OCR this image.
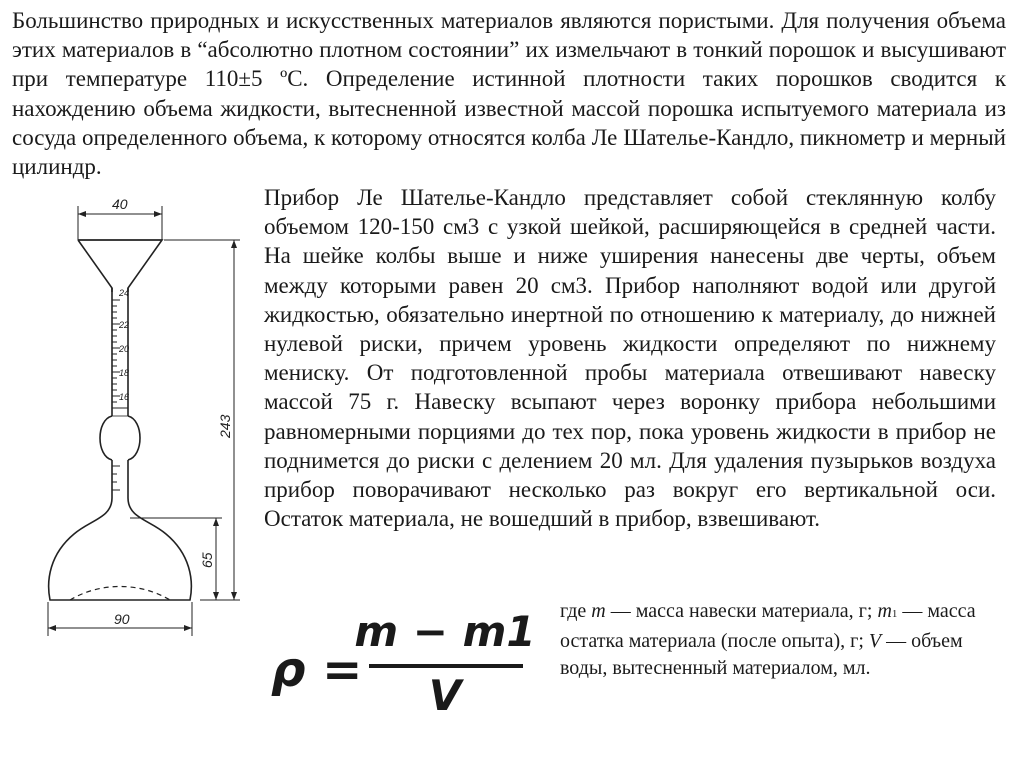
Большинство природных и искусственных материалов являются пористыми. Для получения объема этих материалов в “абсолютно плотном состоянии” их измельчают в тонкий порошок и высушивают при температуре 110±5 ºС. Определение истинной плотности таких порошков сводится к нахождению объема жидкости, вытесненной известной массой порошка испытуемого материала из сосуда определенного объема, к которому относятся колба Ле Шателье-Кандло, пикнометр и мерный цилиндр.

40
24
22
20
18
16
243
65
90

Прибор Ле Шателье-Кандло представляет собой стеклянную колбу объемом 120-150 см3 с узкой шейкой, расширяющейся в средней части. На шейке колбы выше и ниже уширения нанесены две черты, объем между которыми равен 20 см3. Прибор наполняют водой или другой жидкостью, обязательно инертной по отношению к материалу, до нижней нулевой риски, причем уровень жидкости определяют по нижнему мениску. От подготовленной пробы материала отвешивают навеску массой 75 г. Навеску всыпают через воронку прибора небольшими равномерными порциями до тех пор, пока уровень жидкости в прибор не поднимется до риски с делением 20 мл. Для удаления пузырьков воздуха прибор поворачивают несколько раз вокруг его вертикальной оси. Остаток материала, не вошедший в прибор, взвешивают.

ρ =
m − m1
V

где m — масса навески материала, г; m1 — масса остатка материала (после опыта), г; V — объем воды, вытесненный материалом, мл.
